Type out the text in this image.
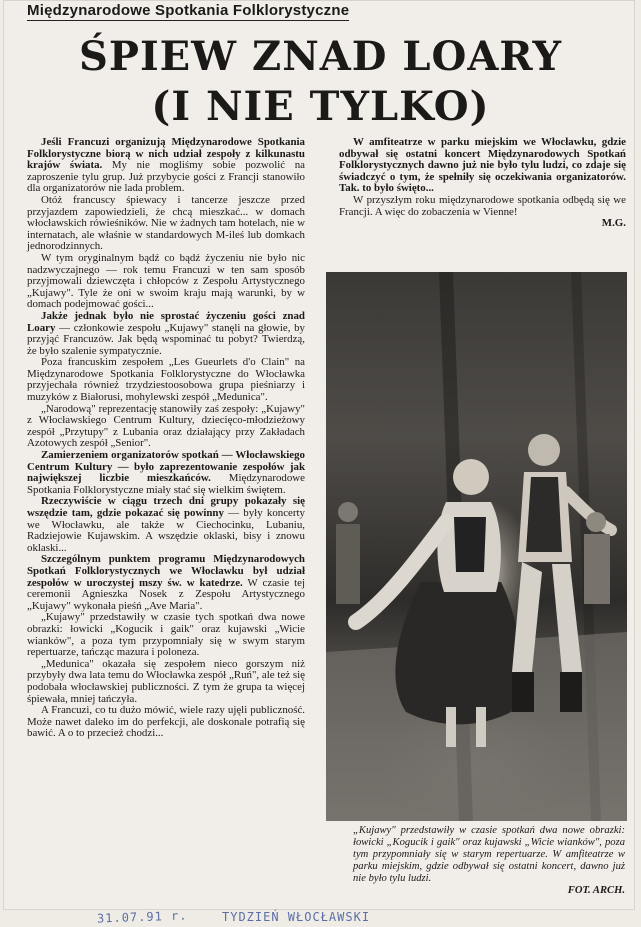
Międzynarodowe Spotkania Folklorystyczne
ŚPIEW ZNAD LOARY
(I NIE TYLKO)

Jeśli Francuzi organizują Międzynarodowe Spotkania Folklorystyczne biorą w nich udział zespoły z kilkunastu krajów świata. My nie mogliśmy sobie pozwolić na zaproszenie tylu grup. Już przybycie gości z Francji stanowiło dla organizatorów nie lada problem.

Otóż francuscy śpiewacy i tancerze jeszcze przed przyjazdem zapowiedzieli, że chcą mieszkać... w domach włocławskich rówieśników. Nie w żadnych tam hotelach, nie w internatach, ale właśnie w standardowych M-ileś lub domkach jednorodzinnych.

W tym oryginalnym bądź co bądź życzeniu nie było nic nadzwyczajnego — rok temu Francuzi w ten sam sposób przyjmowali dziewczęta i chłopców z Zespołu Artystycznego „Kujawy". Tyle że oni w swoim kraju mają warunki, by w domach podejmować gości...

Jakże jednak było nie sprostać życzeniu gości znad Loary — członkowie zespołu „Kujawy" stanęli na głowie, by przyjąć Francuzów. Jak będą wspominać tu pobyt? Twierdzą, że było szalenie sympatycznie.

Poza francuskim zespołem „Les Gueurlets d'o Clain" na Międzynarodowe Spotkania Folklorystyczne do Włocławka przyjechała również trzydziestoosobowa grupa pieśniarzy i muzyków z Białorusi, mohylewski zespół „Medunica".

„Narodową" reprezentację stanowiły zaś zespoły: „Kujawy" z Włocławskiego Centrum Kultury, dziecięco-młodzieżowy zespół „Przytupy" z Lubania oraz działający przy Zakładach Azotowych zespół „Senior".

Zamierzeniem organizatorów spotkań — Włocławskiego Centrum Kultury — było zaprezentowanie zespołów jak największej liczbie mieszkańców. Międzynarodowe Spotkania Folklorystyczne miały stać się wielkim świętem.

Rzeczywiście w ciągu trzech dni grupy pokazały się wszędzie tam, gdzie pokazać się powinny — były koncerty we Włocławku, ale także w Ciechocinku, Lubaniu, Radziejowie Kujawskim. A wszędzie oklaski, bisy i znowu oklaski...

Szczególnym punktem programu Międzynarodowych Spotkań Folklorystycznych we Włocławku był udział zespołów w uroczystej mszy św. w katedrze. W czasie tej ceremonii Agnieszka Nosek z Zespołu Artystycznego „Kujawy" wykonała pieśń „Ave Maria".

„Kujawy" przedstawiły w czasie tych spotkań dwa nowe obrazki: łowicki „Kogucik i gaik" oraz kujawski „Wicie wianków", a poza tym przypomniały się w swym starym repertuarze, tańcząc mazura i poloneza.

„Medunica" okazała się zespołem nieco gorszym niż przybyły dwa lata temu do Włocławka zespół „Ruń", ale też się podobała włocławskiej publiczności. Z tym że grupa ta więcej śpiewała, mniej tańczyła.

A Francuzi, co tu dużo mówić, wiele razy ujęli publiczność. Może nawet daleko im do perfekcji, ale doskonale potrafią się bawić. A o to przecież chodzi...

W amfiteatrze w parku miejskim we Włocławku, gdzie odbywał się ostatni koncert Międzynarodowych Spotkań Folklorystycznych dawno już nie było tylu ludzi, co zdaje się świadczyć o tym, że spełniły się oczekiwania organizatorów. Tak. to było święto...

W przyszłym roku międzynarodowe spotkania odbędą się we Francji. A więc do zobaczenia w Vienne!

M.G.
„Kujawy" przedstawiły w czasie spotkań dwa nowe obrazki: łowicki „Kogucik i gaik" oraz kujawski „Wicie wianków", poza tym przypomniały się w starym repertuarze. W amfiteatrze w parku miejskim, gdzie odbywał się ostatni koncert, dawno już nie było tylu ludzi.
FOT. ARCH.
31.07.91 r.	TYDZIEŃ WŁOCŁAWSKI
